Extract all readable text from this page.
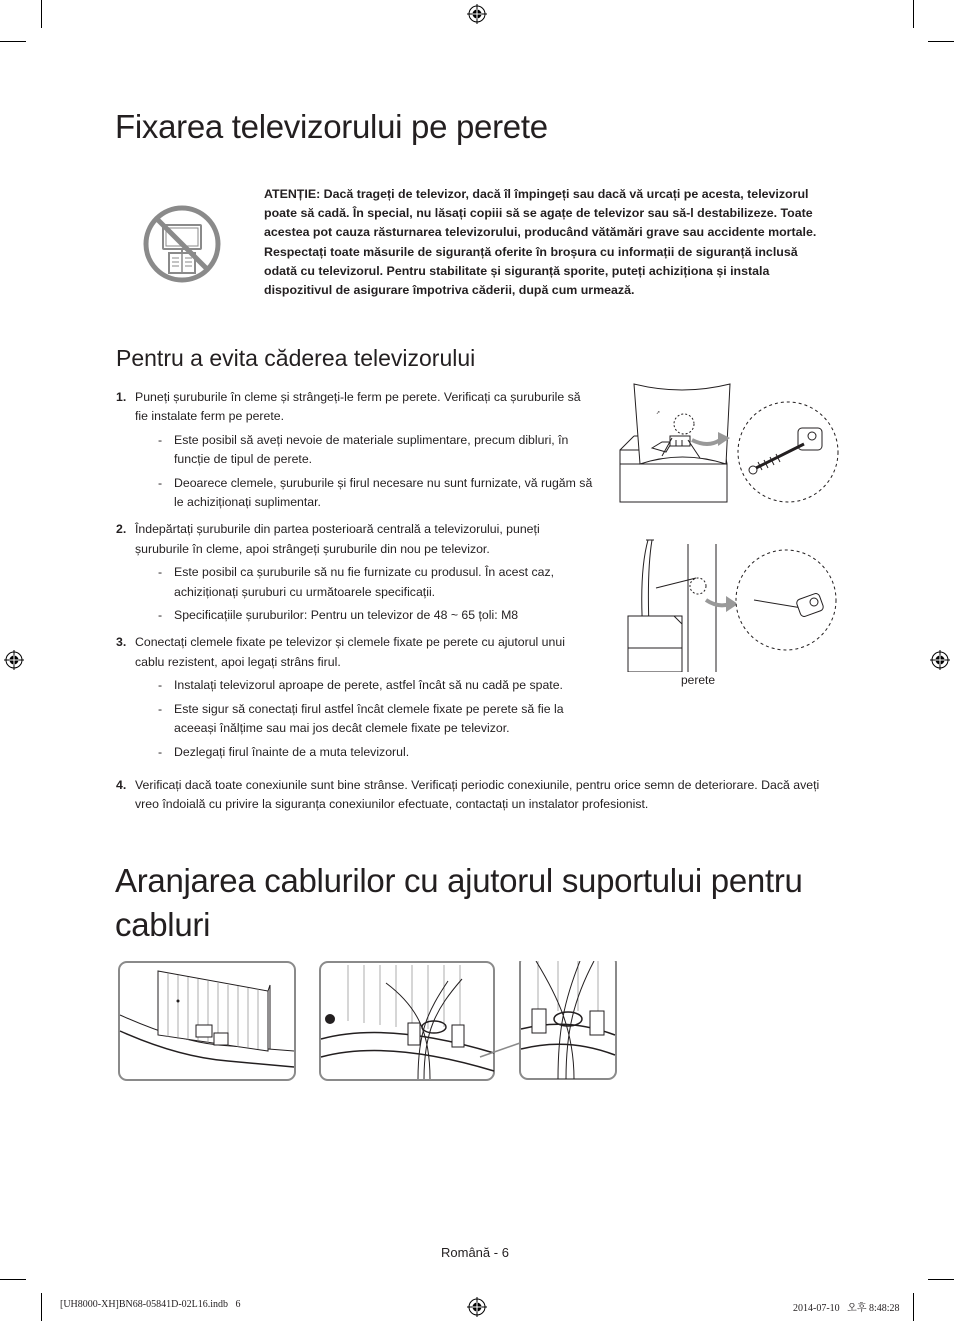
Fixarea televizorului pe perete
ATENȚIE: Dacă trageți de televizor, dacă îl împingeți sau dacă vă urcați pe acesta, televizorul poate să cadă. În special, nu lăsați copiii să se agațe de televizor sau să-l destabilizeze. Toate acestea pot cauza răsturnarea televizorului, producând vătămări grave sau accidente mortale. Respectați toate măsurile de siguranță oferite în broșura cu informații de siguranță inclusă odată cu televizorul. Pentru stabilitate și siguranță sporite, puteți achiziționa și instala dispozitivul de asigurare împotriva căderii, după cum urmează.
Pentru a evita căderea televizorului
1. Puneți șuruburile în cleme și strângeți-le ferm pe perete. Verificați ca șuruburile să fie instalate ferm pe perete.
- Este posibil să aveți nevoie de materiale suplimentare, precum dibluri, în funcție de tipul de perete.
- Deoarece clemele, șuruburile și firul necesare nu sunt furnizate, vă rugăm să le achiziționați suplimentar.
2. Îndepărtați șuruburile din partea posterioară centrală a televizorului, puneți șuruburile în cleme, apoi strângeți șuruburile din nou pe televizor.
- Este posibil ca șuruburile să nu fie furnizate cu produsul. În acest caz, achiziționați șuruburi cu următoarele specificații.
- Specificațiile șuruburilor: Pentru un televizor de 48 ~ 65 țoli: M8
3. Conectați clemele fixate pe televizor și clemele fixate pe perete cu ajutorul unui cablu rezistent, apoi legați strâns firul.
- Instalați televizorul aproape de perete, astfel încât să nu cadă pe spate.
- Este sigur să conectați firul astfel încât clemele fixate pe perete să fie la aceeași înălțime sau mai jos decât clemele fixate pe televizor.
- Dezlegați firul înainte de a muta televizorul.
4. Verificați dacă toate conexiunile sunt bine strânse. Verificați periodic conexiunile, pentru orice semn de deteriorare. Dacă aveți vreo îndoială cu privire la siguranța conexiunilor efectuate, contactați un instalator profesionist.
➚
perete
Aranjarea cablurilor cu ajutorul suportului pentru cabluri
Română - 6
[UH8000-XH]BN68-05841D-02L16.indb   6	2014-07-10   오후 8:48:28
